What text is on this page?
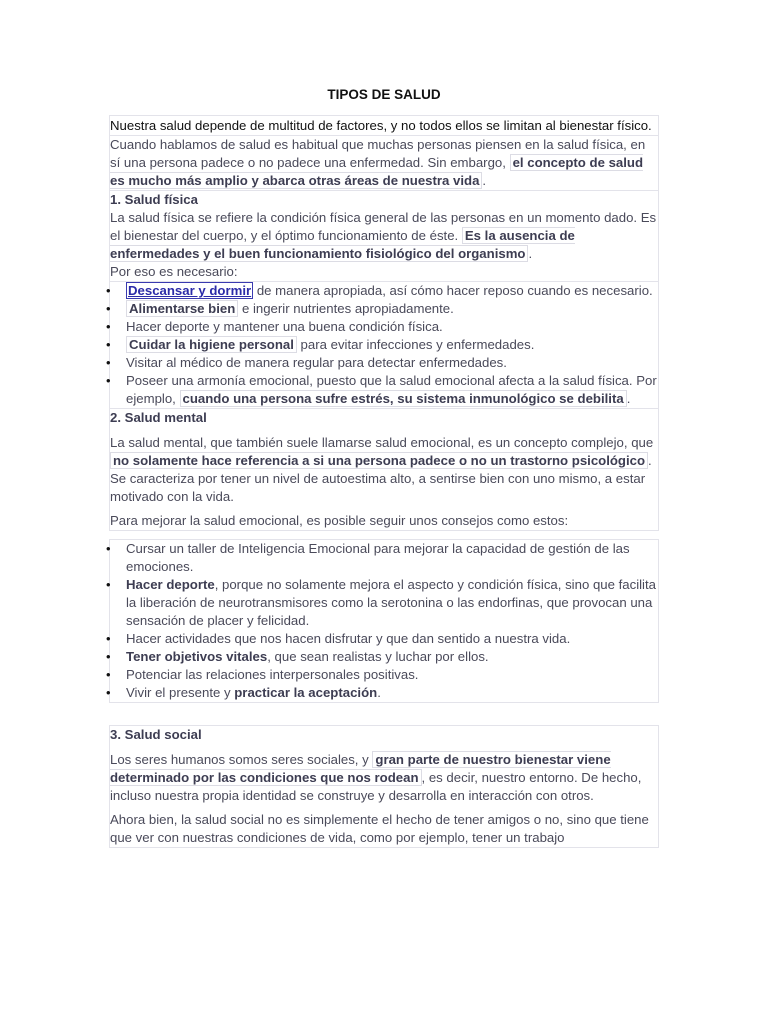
TIPOS DE SALUD

Nuestra salud depende de multitud de factores, y no todos ellos se limitan al bienestar físico.

Cuando hablamos de salud es habitual que muchas personas piensen en la salud física, en sí una persona padece o no padece una enfermedad. Sin embargo, el concepto de salud es mucho más amplio y abarca otras áreas de nuestra vida .

1. Salud física

La salud física se refiere la condición física general de las personas en un momento dado. Es el bienestar del cuerpo, y el óptimo funcionamiento de éste. Es la ausencia de enfermedades y el buen funcionamiento fisiológico del organismo .

Por eso es necesario:

• Descansar y dormir de manera apropiada, así cómo hacer reposo cuando es necesario.
• Alimentarse bien e ingerir nutrientes apropiadamente.
• Hacer deporte y mantener una buena condición física.
• Cuidar la higiene personal para evitar infecciones y enfermedades.
• Visitar al médico de manera regular para detectar enfermedades.
• Poseer una armonía emocional, puesto que la salud emocional afecta a la salud física. Por ejemplo, cuando una persona sufre estrés, su sistema inmunológico se debilita .
2. Salud mental

La salud mental, que también suele llamarse salud emocional, es un concepto complejo, que no solamente hace referencia a si una persona padece o no un trastorno psicológico . Se caracteriza por tener un nivel de autoestima alto, a sentirse bien con uno mismo, a estar motivado con la vida.

Para mejorar la salud emocional, es posible seguir unos consejos como estos:

• Cursar un taller de Inteligencia Emocional para mejorar la capacidad de gestión de las emociones.
• Hacer deporte, porque no solamente mejora el aspecto y condición física, sino que facilita la liberación de neurotransmisores como la serotonina o las endorfinas, que provocan una sensación de placer y felicidad.
• Hacer actividades que nos hacen disfrutar y que dan sentido a nuestra vida.
• Tener objetivos vitales, que sean realistas y luchar por ellos.
• Potenciar las relaciones interpersonales positivas.
• Vivir el presente y practicar la aceptación.
3. Salud social

Los seres humanos somos seres sociales, y gran parte de nuestro bienestar viene determinado por las condiciones que nos rodean , es decir, nuestro entorno. De hecho, incluso nuestra propia identidad se construye y desarrolla en interacción con otros.

Ahora bien, la salud social no es simplemente el hecho de tener amigos o no, sino que tiene que ver con nuestras condiciones de vida, como por ejemplo, tener un trabajo
